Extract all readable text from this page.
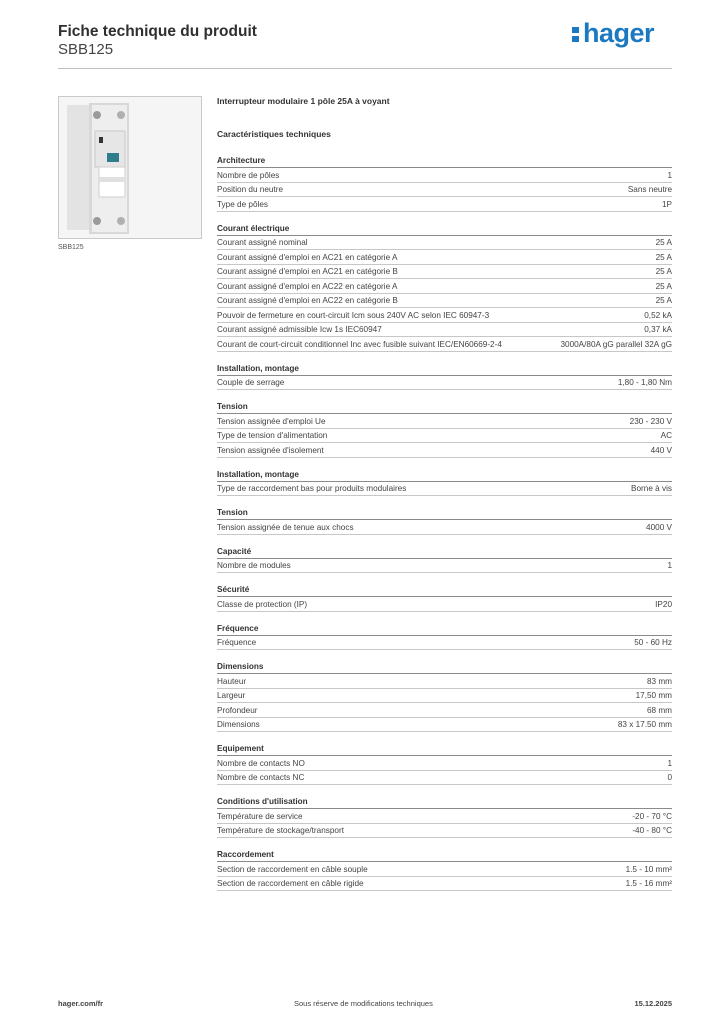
Fiche technique du produit
SBB125
hager
SBB125
Interrupteur modulaire 1 pôle 25A à voyant
Caractéristiques techniques
Architecture
Nombre de pôles	1
Position du neutre	Sans neutre
Type de pôles	1P
Courant électrique
Courant assigné nominal	25 A
Courant assigné d'emploi en AC21 en catégorie A	25 A
Courant assigné d'emploi en AC21 en catégorie B	25 A
Courant assigné d'emploi en AC22 en catégorie A	25 A
Courant assigné d'emploi en AC22 en catégorie B	25 A
Pouvoir de fermeture en court-circuit Icm sous 240V AC selon IEC 60947-3	0,52 kA
Courant assigné admissible Icw 1s IEC60947	0,37 kA
Courant de court-circuit conditionnel Inc avec fusible suivant IEC/EN60669-2-4	3000A/80A gG parallel 32A gG
Installation, montage
Couple de serrage	1,80 - 1,80 Nm
Tension
Tension assignée d'emploi Ue	230 - 230 V
Type de tension d'alimentation	AC
Tension assignée d'isolement	440 V
Installation, montage
Type de raccordement bas pour produits modulaires	Borne à vis
Tension
Tension assignée de tenue aux chocs	4000 V
Capacité
Nombre de modules	1
Sécurité
Classe de protection (IP)	IP20
Fréquence
Fréquence	50 - 60 Hz
Dimensions
Hauteur	83 mm
Largeur	17,50 mm
Profondeur	68 mm
Dimensions	83 x 17.50 mm
Equipement
Nombre de contacts NO	1
Nombre de contacts NC	0
Conditions d'utilisation
Température de service	-20 - 70 °C
Température de stockage/transport	-40 - 80 °C
Raccordement
Section de raccordement en câble souple	1.5 - 10 mm²
Section de raccordement en câble rigide	1.5 - 16 mm²
hager.com/fr	Sous réserve de modifications techniques	15.12.2025
